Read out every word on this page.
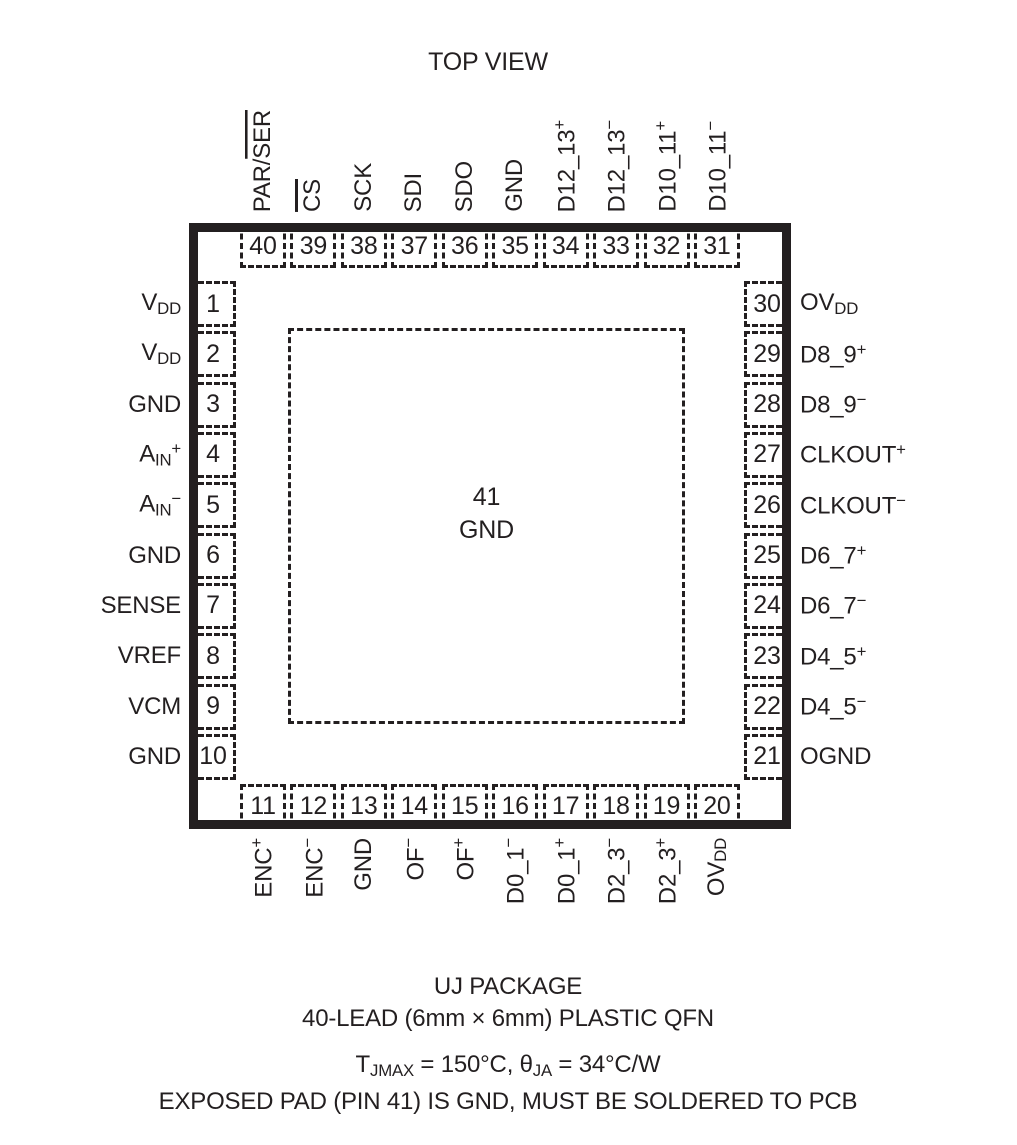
TOP VIEW
41
GND
PAR/SER
CS SCK SDI SDO GND D12_13+
D12_13−
D10_11+
D10_11−
40 39 38 37 36 35 34 33 32 31
$V_{DD}$
$V_{DD}$
GND
$A_{IN}^+$
$A_{IN}^-$
GND
SENSE
VREF
VCM
GND
1
2
3
4
5
6
7
8
9
10
30
29
28
27
26
25
24
23
22
21
$OV_{DD}$
D8_9+
D8_9−
CLKOUT+
CLKOUT−
D6_7+
D6_7−
D4_5+
D4_5−
OGND
11 12 13 14 15 16 17 18 19 20
ENC+
ENC−	GND OF−
OF+
D0_1−
D0_1+
D2_3−
D2_3+
$OV_{DD}$
UJ PACKAGE
40-LEAD (6mm × 6mm) PLASTIC QFN
$T_{JMAX} = 150^\circ C$, $\theta_{JA} = 34^\circ C/W$
EXPOSED PAD (PIN 41) IS GND, MUST BE SOLDERED TO PCB
